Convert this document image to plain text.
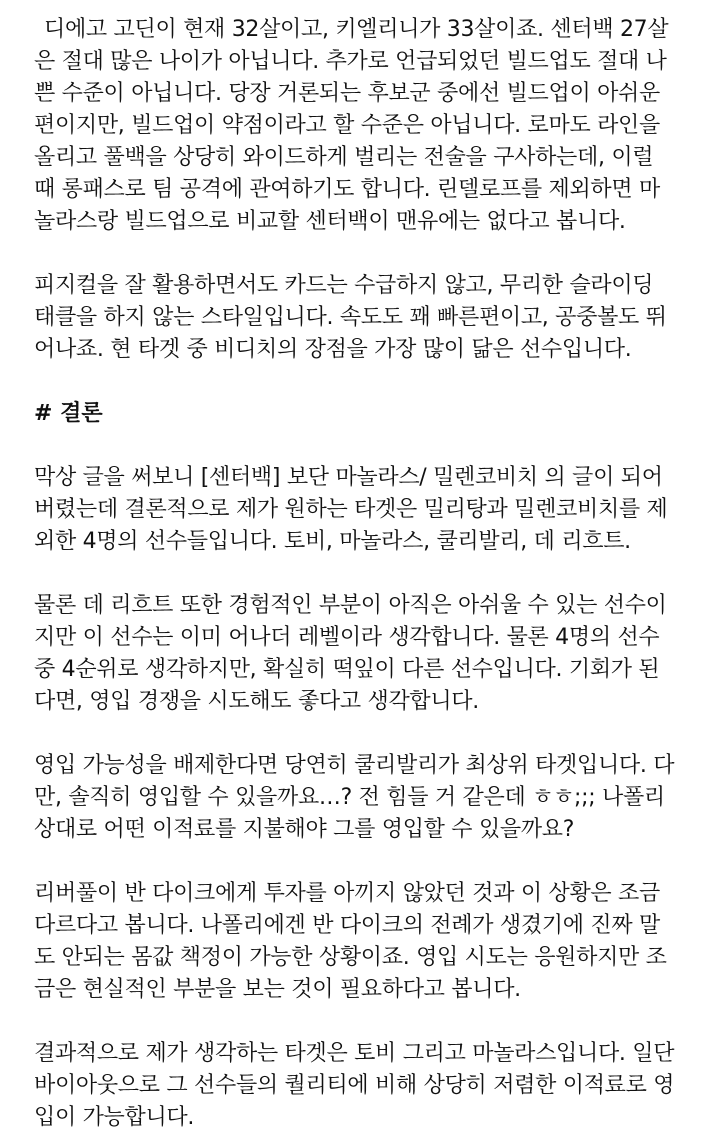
디에고 고딘이 현재 32살이고, 키엘리니가 33살이죠. 센터백 27살
은 절대 많은 나이가 아닙니다. 추가로 언급되었던 빌드업도 절대 나
쁜 수준이 아닙니다. 당장 거론되는 후보군 중에선 빌드업이 아쉬운
편이지만, 빌드업이 약점이라고 할 수준은 아닙니다. 로마도 라인을
올리고 풀백을 상당히 와이드하게 벌리는 전술을 구사하는데, 이럴
때 롱패스로 팀 공격에 관여하기도 합니다. 린델로프를 제외하면 마
놀라스랑 빌드업으로 비교할 센터백이 맨유에는 없다고 봅니다.

피지컬을 잘 활용하면서도 카드는 수급하지 않고, 무리한 슬라이딩
태클을 하지 않는 스타일입니다. 속도도 꽤 빠른편이고, 공중볼도 뛰
어나죠. 현 타겟 중 비디치의 장점을 가장 많이 닮은 선수입니다.

# 결론

막상 글을 써보니 [센터백] 보단 마놀라스/ 밀렌코비치 의 글이 되어
버렸는데 결론적으로 제가 원하는 타겟은 밀리탕과 밀렌코비치를 제
외한 4명의 선수들입니다. 토비, 마놀라스, 쿨리발리, 데 리흐트.

물론 데 리흐트 또한 경험적인 부분이 아직은 아쉬울 수 있는 선수이
지만 이 선수는 이미 어나더 레벨이라 생각합니다. 물론 4명의 선수
중 4순위로 생각하지만, 확실히 떡잎이 다른 선수입니다. 기회가 된
다면, 영입 경쟁을 시도해도 좋다고 생각합니다.

영입 가능성을 배제한다면 당연히 쿨리발리가 최상위 타겟입니다. 다
만, 솔직히 영입할 수 있을까요…? 전 힘들 거 같은데 ㅎㅎ;;; 나폴리
상대로 어떤 이적료를 지불해야 그를 영입할 수 있을까요?

리버풀이 반 다이크에게 투자를 아끼지 않았던 것과 이 상황은 조금
다르다고 봅니다. 나폴리에겐 반 다이크의 전례가 생겼기에 진짜 말
도 안되는 몸값 책정이 가능한 상황이죠. 영입 시도는 응원하지만 조
금은 현실적인 부분을 보는 것이 필요하다고 봅니다.

결과적으로 제가 생각하는 타겟은 토비 그리고 마놀라스입니다. 일단
바이아웃으로 그 선수들의 퀄리티에 비해 상당히 저렴한 이적료로 영
입이 가능합니다.
